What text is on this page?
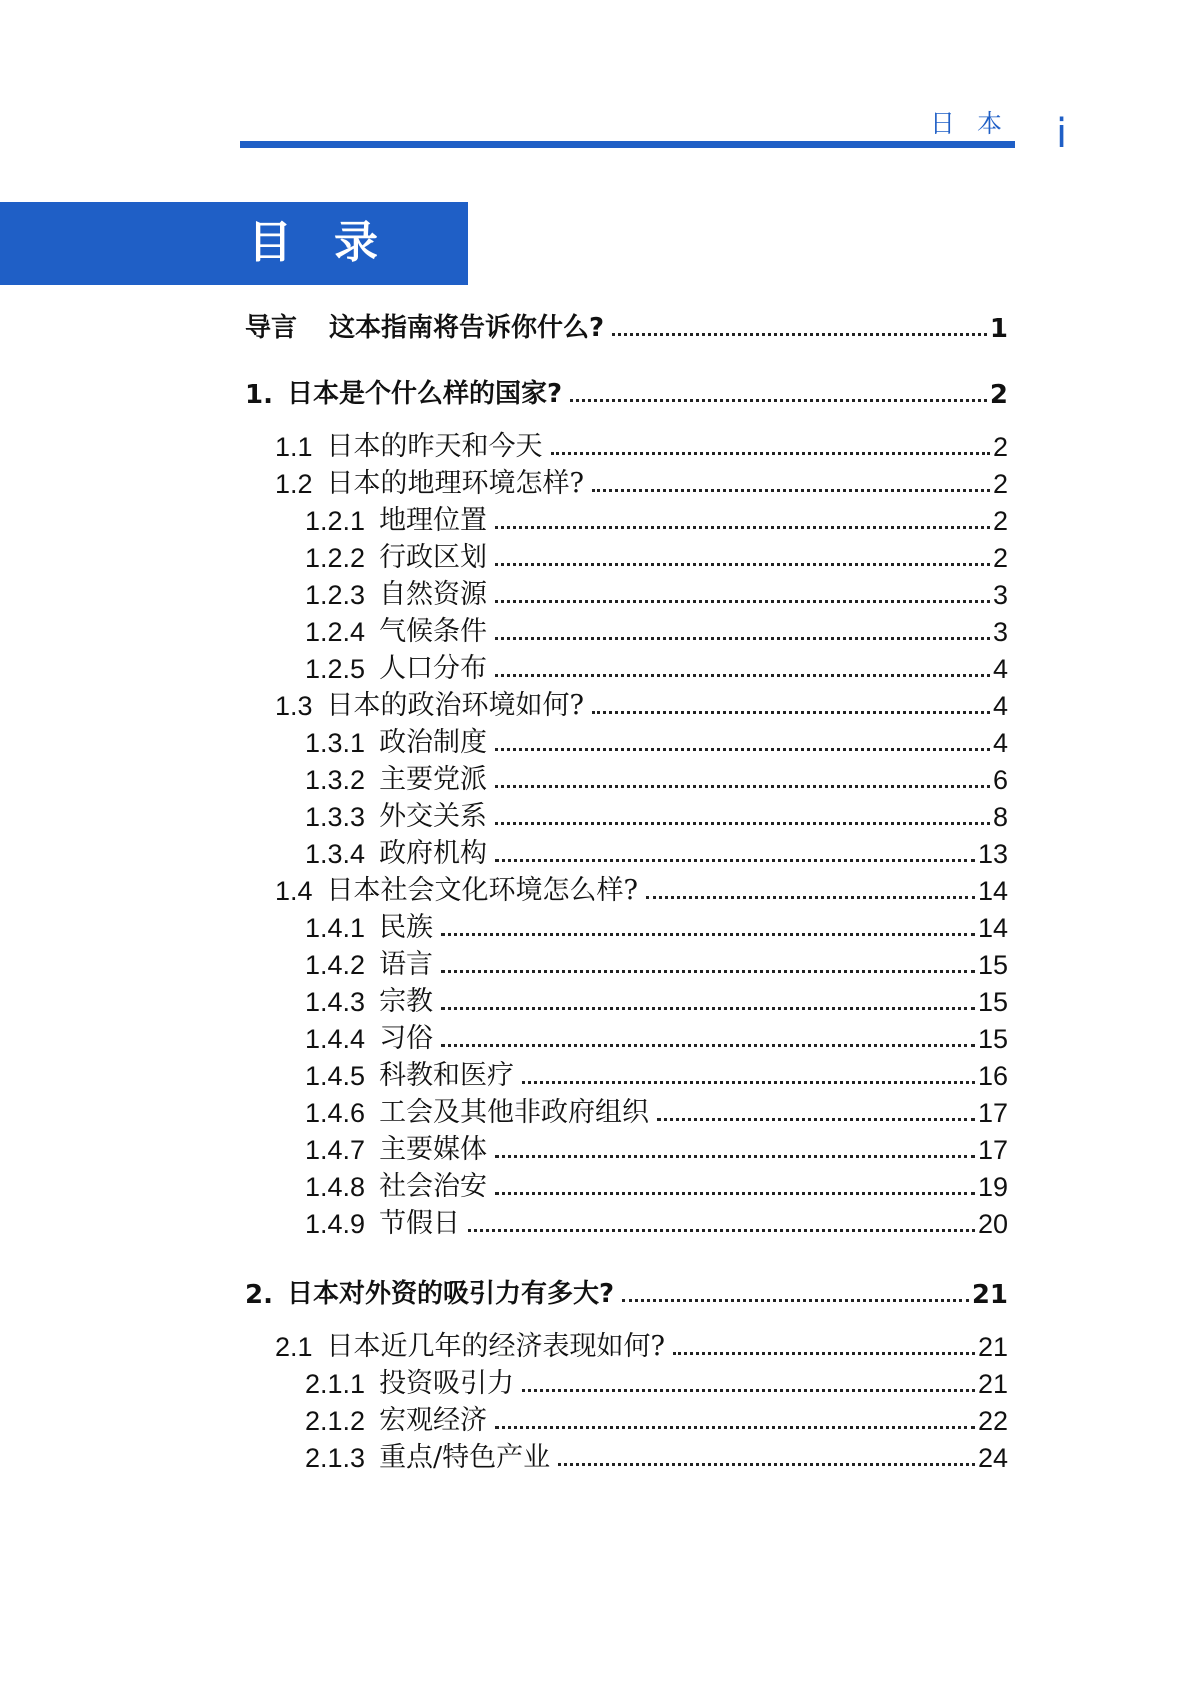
日本 i
目录
导言	这本指南将告诉你什么?	1
1. 日本是个什么样的国家?	2
1.1 日本的昨天和今天	2
1.2 日本的地理环境怎样?	2
1.2.1 地理位置	2
1.2.2 行政区划	2
1.2.3 自然资源	3
1.2.4 气候条件	3
1.2.5 人口分布	4
1.3 日本的政治环境如何?	4
1.3.1 政治制度	4
1.3.2 主要党派	6
1.3.3 外交关系	8
1.3.4 政府机构	13
1.4 日本社会文化环境怎么样?	14
1.4.1 民族	14
1.4.2 语言	15
1.4.3 宗教	15
1.4.4 习俗	15
1.4.5 科教和医疗	16
1.4.6 工会及其他非政府组织	17
1.4.7 主要媒体	17
1.4.8 社会治安	19
1.4.9 节假日	20
2. 日本对外资的吸引力有多大?	21
2.1 日本近几年的经济表现如何?	21
2.1.1 投资吸引力	21
2.1.2 宏观经济	22
2.1.3 重点/特色产业	24
